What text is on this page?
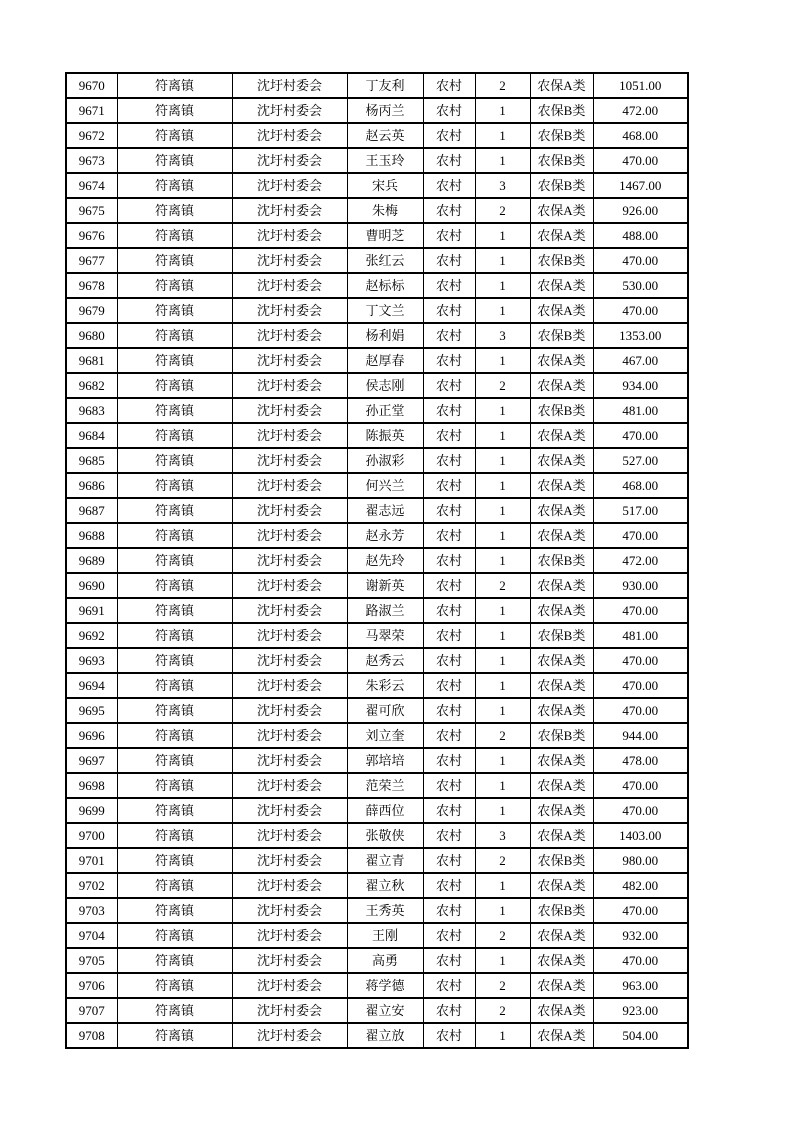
9670	符离镇	沈圩村委会	丁友利	农村	2	农保A类	1051.00
9671	符离镇	沈圩村委会	杨丙兰	农村	1	农保B类	472.00
9672	符离镇	沈圩村委会	赵云英	农村	1	农保B类	468.00
9673	符离镇	沈圩村委会	王玉玲	农村	1	农保B类	470.00
9674	符离镇	沈圩村委会	宋兵	农村	3	农保B类	1467.00
9675	符离镇	沈圩村委会	朱梅	农村	2	农保A类	926.00
9676	符离镇	沈圩村委会	曹明芝	农村	1	农保A类	488.00
9677	符离镇	沈圩村委会	张红云	农村	1	农保B类	470.00
9678	符离镇	沈圩村委会	赵标标	农村	1	农保A类	530.00
9679	符离镇	沈圩村委会	丁文兰	农村	1	农保A类	470.00
9680	符离镇	沈圩村委会	杨利娟	农村	3	农保B类	1353.00
9681	符离镇	沈圩村委会	赵厚春	农村	1	农保A类	467.00
9682	符离镇	沈圩村委会	侯志刚	农村	2	农保A类	934.00
9683	符离镇	沈圩村委会	孙正堂	农村	1	农保B类	481.00
9684	符离镇	沈圩村委会	陈振英	农村	1	农保A类	470.00
9685	符离镇	沈圩村委会	孙淑彩	农村	1	农保A类	527.00
9686	符离镇	沈圩村委会	何兴兰	农村	1	农保A类	468.00
9687	符离镇	沈圩村委会	翟志远	农村	1	农保A类	517.00
9688	符离镇	沈圩村委会	赵永芳	农村	1	农保A类	470.00
9689	符离镇	沈圩村委会	赵先玲	农村	1	农保B类	472.00
9690	符离镇	沈圩村委会	谢新英	农村	2	农保A类	930.00
9691	符离镇	沈圩村委会	路淑兰	农村	1	农保A类	470.00
9692	符离镇	沈圩村委会	马翠荣	农村	1	农保B类	481.00
9693	符离镇	沈圩村委会	赵秀云	农村	1	农保A类	470.00
9694	符离镇	沈圩村委会	朱彩云	农村	1	农保A类	470.00
9695	符离镇	沈圩村委会	翟可欣	农村	1	农保A类	470.00
9696	符离镇	沈圩村委会	刘立奎	农村	2	农保B类	944.00
9697	符离镇	沈圩村委会	郭培培	农村	1	农保A类	478.00
9698	符离镇	沈圩村委会	范荣兰	农村	1	农保A类	470.00
9699	符离镇	沈圩村委会	薛西位	农村	1	农保A类	470.00
9700	符离镇	沈圩村委会	张敬侠	农村	3	农保A类	1403.00
9701	符离镇	沈圩村委会	翟立青	农村	2	农保B类	980.00
9702	符离镇	沈圩村委会	翟立秋	农村	1	农保A类	482.00
9703	符离镇	沈圩村委会	王秀英	农村	1	农保B类	470.00
9704	符离镇	沈圩村委会	王刚	农村	2	农保A类	932.00
9705	符离镇	沈圩村委会	高勇	农村	1	农保A类	470.00
9706	符离镇	沈圩村委会	蒋学德	农村	2	农保A类	963.00
9707	符离镇	沈圩村委会	翟立安	农村	2	农保A类	923.00
9708	符离镇	沈圩村委会	翟立放	农村	1	农保A类	504.00
